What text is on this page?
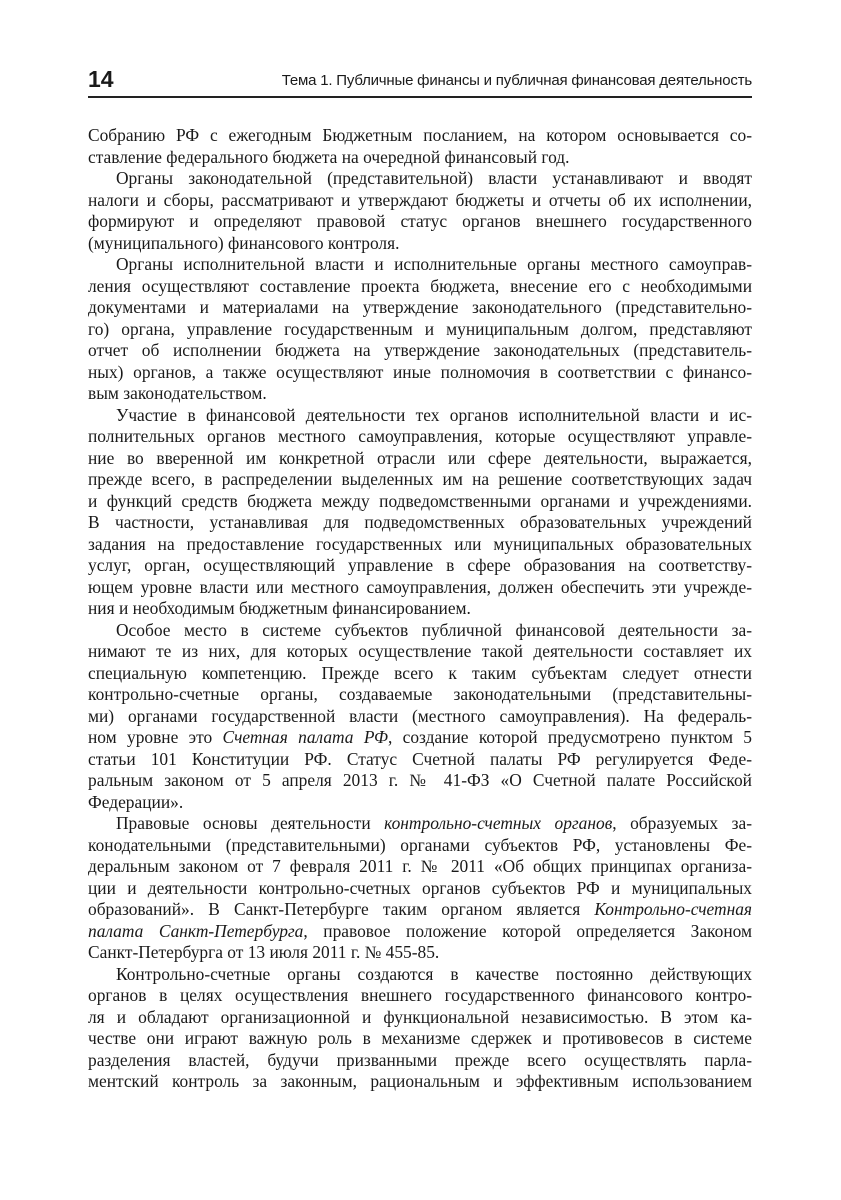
14	Тема 1. Публичные финансы и публичная финансовая деятельность
Собранию РФ с ежегодным Бюджетным посланием, на котором основывается со-
ставление федерального бюджета на очередной финансовый год.
Органы законодательной (представительной) власти устанавливают и вводят
налоги и сборы, рассматривают и утверждают бюджеты и отчеты об их исполнении,
формируют и определяют правовой статус органов внешнего государственного
(муниципального) финансового контроля.
Органы исполнительной власти и исполнительные органы местного самоуправ-
ления осуществляют составление проекта бюджета, внесение его с необходимыми
документами и материалами на утверждение законодательного (представительно-
го) органа, управление государственным и муниципальным долгом, представляют
отчет об исполнении бюджета на утверждение законодательных (представитель-
ных) органов, а также осуществляют иные полномочия в соответствии с финансо-
вым законодательством.
Участие в финансовой деятельности тех органов исполнительной власти и ис-
полнительных органов местного самоуправления, которые осуществляют управле-
ние во вверенной им конкретной отрасли или сфере деятельности, выражается,
прежде всего, в распределении выделенных им на решение соответствующих задач
и функций средств бюджета между подведомственными органами и учреждениями.
В частности, устанавливая для подведомственных образовательных учреждений
задания на предоставление государственных или муниципальных образовательных
услуг, орган, осуществляющий управление в сфере образования на соответству-
ющем уровне власти или местного самоуправления, должен обеспечить эти учрежде-
ния и необходимым бюджетным финансированием.
Особое место в системе субъектов публичной финансовой деятельности за-
нимают те из них, для которых осуществление такой деятельности составляет их
специальную компетенцию. Прежде всего к таким субъектам следует отнести
контрольно-счетные органы, создаваемые законодательными (представительны-
ми) органами государственной власти (местного самоуправления). На федераль-
ном уровне это Счетная палата РФ, создание которой предусмотрено пунктом 5
статьи 101 Конституции РФ. Статус Счетной палаты РФ регулируется Феде-
ральным законом от 5 апреля 2013 г. № 41-ФЗ «О Счетной палате Российской
Федерации».
Правовые основы деятельности контрольно-счетных органов, образуемых за-
конодательными (представительными) органами субъектов РФ, установлены Фе-
деральным законом от 7 февраля 2011 г. № 2011 «Об общих принципах организа-
ции и деятельности контрольно-счетных органов субъектов РФ и муниципальных
образований». В Санкт-Петербурге таким органом является Контрольно-счетная
палата Санкт-Петербурга, правовое положение которой определяется Законом
Санкт-Петербурга от 13 июля 2011 г. № 455-85.
Контрольно-счетные органы создаются в качестве постоянно действующих
органов в целях осуществления внешнего государственного финансового контро-
ля и обладают организационной и функциональной независимостью. В этом ка-
честве они играют важную роль в механизме сдержек и противовесов в системе
разделения властей, будучи призванными прежде всего осуществлять парла-
ментский контроль за законным, рациональным и эффективным использованием
